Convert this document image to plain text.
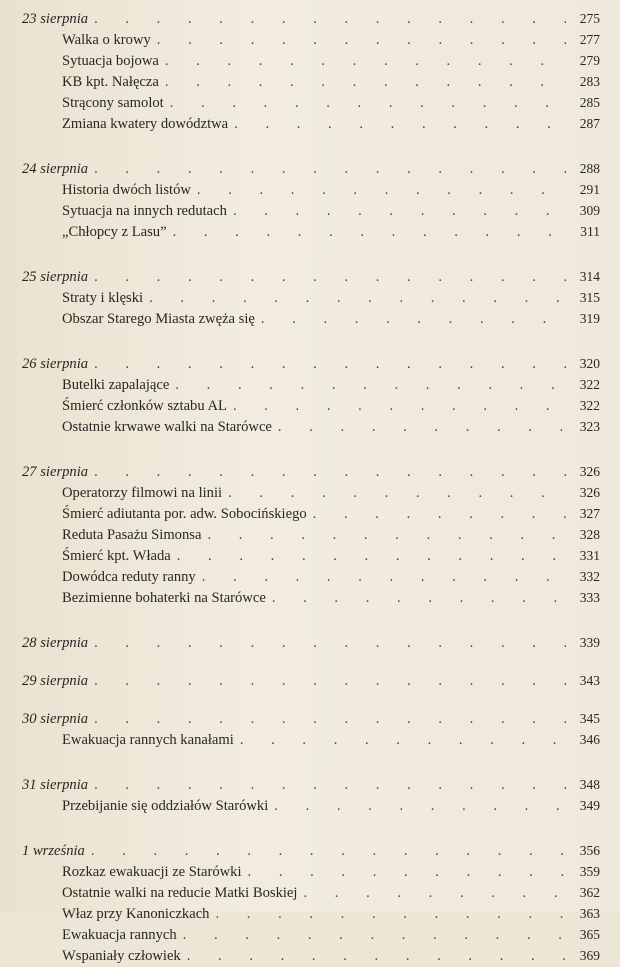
23 sierpnia . . .	275
Walka o krowy . . .	277
Sytuacja bojowa . . .	279
KB kpt. Nałęcza . . .	283
Strącony samolot . . .	285
Zmiana kwatery dowództwa . . .	287
24 sierpnia . . .	288
Historia dwóch listów . . .	291
Sytuacja na innych redutach . . .	309
„Chłopcy z Lasu” . . .	311
25 sierpnia . . .	314
Straty i klęski . . .	315
Obszar Starego Miasta zwęża się . . .	319
26 sierpnia . . .	320
Butelki zapalające . . .	322
Śmierć członków sztabu AL . . .	322
Ostatnie krwawe walki na Starówce . . .	323
27 sierpnia . . .	326
Operatorzy filmowi na linii . . .	326
Śmierć adiutanta por. adw. Sobocińskiego . . .	327
Reduta Pasażu Simonsa . . .	328
Śmierć kpt. Włada . . .	331
Dowódca reduty ranny . . .	332
Bezimienne bohaterki na Starówce . . .	333
28 sierpnia . . .	339
29 sierpnia . . .	343
30 sierpnia . . .	345
Ewakuacja rannych kanałami . . .	346
31 sierpnia . . .	348
Przebijanie się oddziałów Starówki . . .	349
1 września . . .	356
Rozkaz ewakuacji ze Starówki . . .	359
Ostatnie walki na reducie Matki Boskiej . . .	362
Właz przy Kanoniczkach . . .	363
Ewakuacja rannych . . .	365
Wspaniały człowiek . . .	369
